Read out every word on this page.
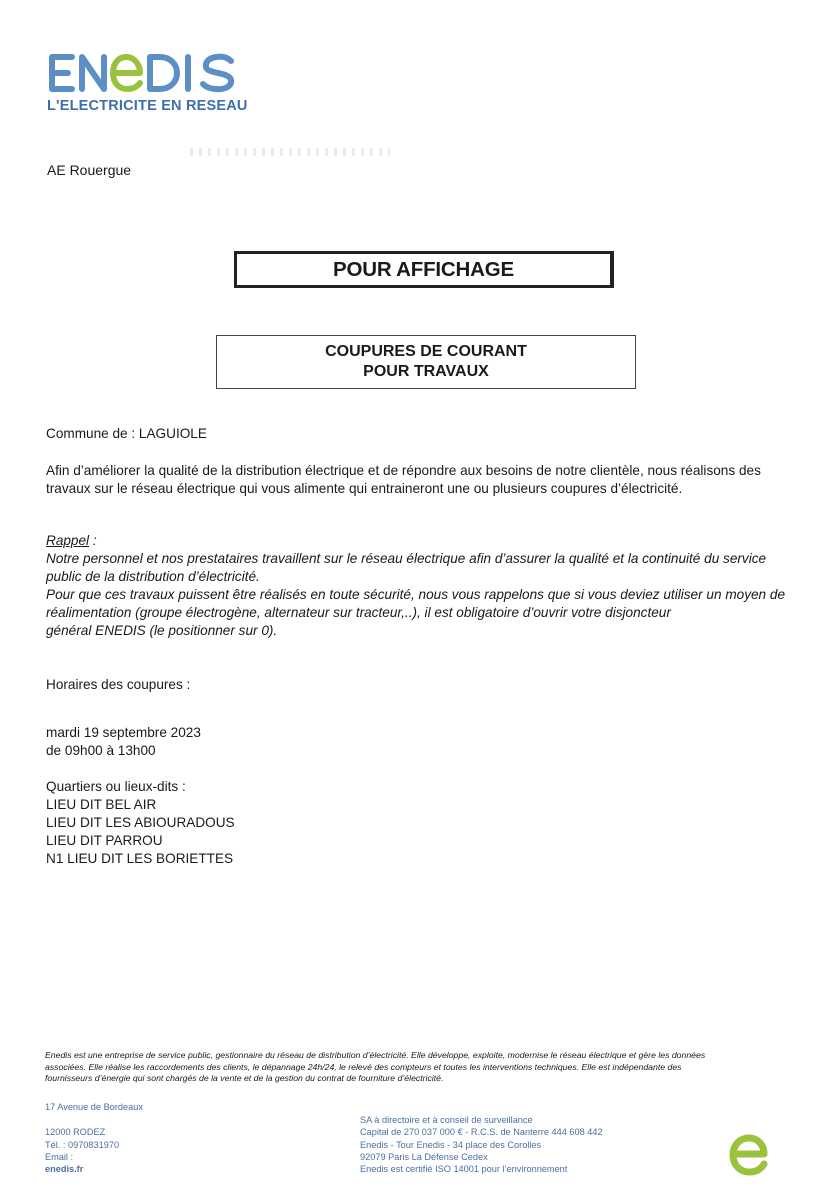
L'ELECTRICITE EN RESEAU
AE Rouergue
POUR AFFICHAGE
COUPURES DE COURANT
POUR TRAVAUX
Commune de : LAGUIOLE
Afin d’améliorer la qualité de la distribution électrique et de répondre aux besoins de notre clientèle, nous réalisons des
travaux sur le réseau électrique qui vous alimente qui entraineront une ou plusieurs coupures d’électricité.
Rappel :
Notre personnel et nos prestataires travaillent sur le réseau électrique afin d’assurer la qualité et la continuité du service
public de la distribution d’électricité.
Pour que ces travaux puissent être réalisés en toute sécurité, nous vous rappelons que si vous deviez utiliser un moyen de
réalimentation (groupe électrogène, alternateur sur tracteur,..), il est obligatoire d’ouvrir votre disjoncteur
général ENEDIS (le positionner sur 0).
Horaires des coupures :
mardi 19 septembre 2023
de 09h00 à 13h00
Quartiers ou lieux-dits :
LIEU DIT BEL AIR
LIEU DIT LES ABIOURADOUS
LIEU DIT PARROU
N1 LIEU DIT LES BORIETTES
Enedis est une entreprise de service public, gestionnaire du réseau de distribution d’électricité. Elle développe, exploite, modernise le réseau électrique et gère les données
associées. Elle réalise les raccordements des clients, le dépannage 24h/24, le relevé des compteurs et toutes les interventions techniques. Elle est indépendante des
fournisseurs d’énergie qui sont chargés de la vente et de la gestion du contrat de fourniture d’électricité.
17 Avenue de Bordeaux
12000 RODEZ
Tél. : 0970831970
Email :
enedis.fr
SA à directoire et à conseil de surveillance
Capital de 270 037 000 € - R.C.S. de Nanterre 444 608 442
Enedis - Tour Enedis - 34 place des Corolles
92079 Paris La Défense Cedex
Enedis est certifié ISO 14001 pour l’environnement
